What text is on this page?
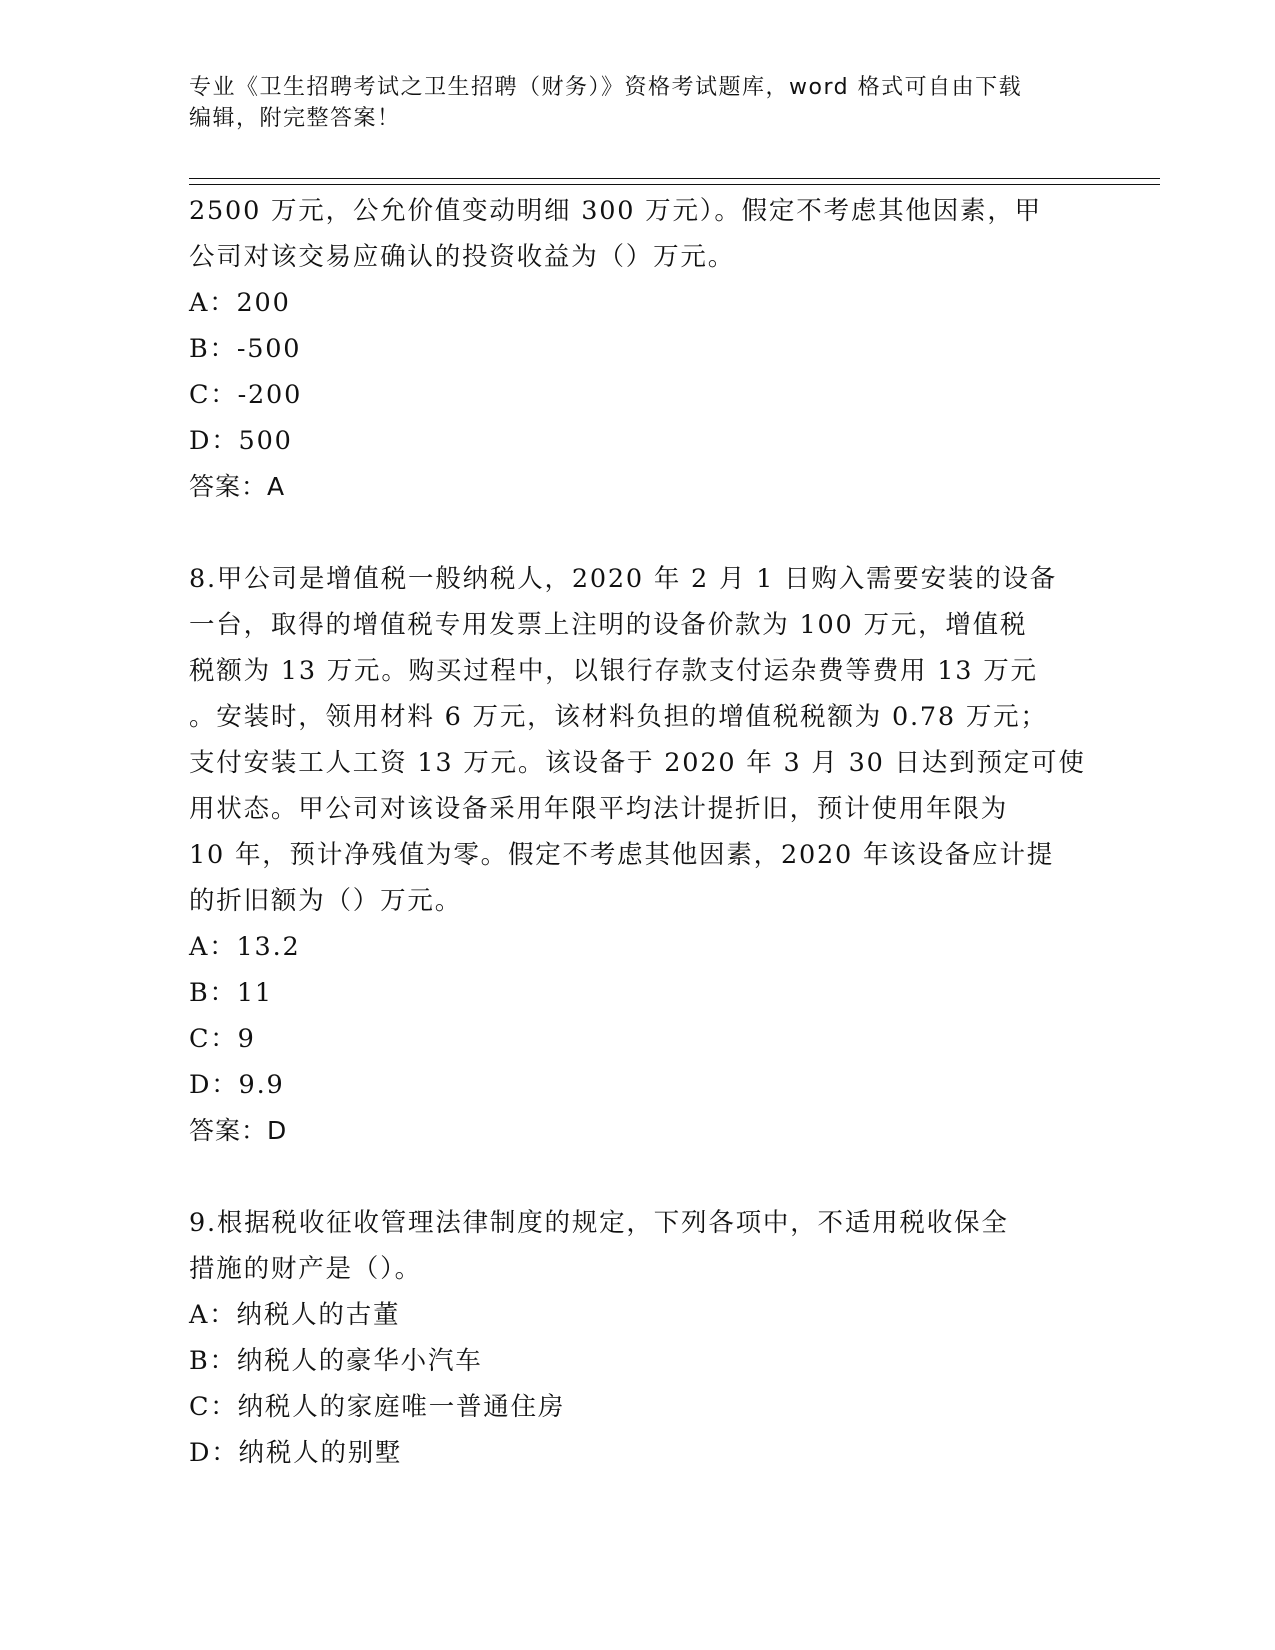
专业《卫生招聘考试之卫生招聘（财务）》资格考试题库，word 格式可自由下载
编辑，附完整答案！

2500 万元，公允价值变动明细 300 万元）。假定不考虑其他因素，甲

公司对该交易应确认的投资收益为（）万元。

A：200

B：-500

C：-200

D：500

答案：A

8.甲公司是增值税一般纳税人，2020 年 2 月 1 日购入需要安装的设备

一台，取得的增值税专用发票上注明的设备价款为 100 万元，增值税

税额为 13 万元。购买过程中，以银行存款支付运杂费等费用 13 万元

。安装时，领用材料 6 万元，该材料负担的增值税税额为 0.78 万元；

支付安装工人工资 13 万元。该设备于 2020 年 3 月 30 日达到预定可使

用状态。甲公司对该设备采用年限平均法计提折旧，预计使用年限为

10 年，预计净残值为零。假定不考虑其他因素，2020 年该设备应计提

的折旧额为（）万元。

A：13.2

B：11

C：9

D：9.9

答案：D

9.根据税收征收管理法律制度的规定，下列各项中，不适用税收保全

措施的财产是（）。

A：纳税人的古董

B：纳税人的豪华小汽车

C：纳税人的家庭唯一普通住房

D：纳税人的别墅
